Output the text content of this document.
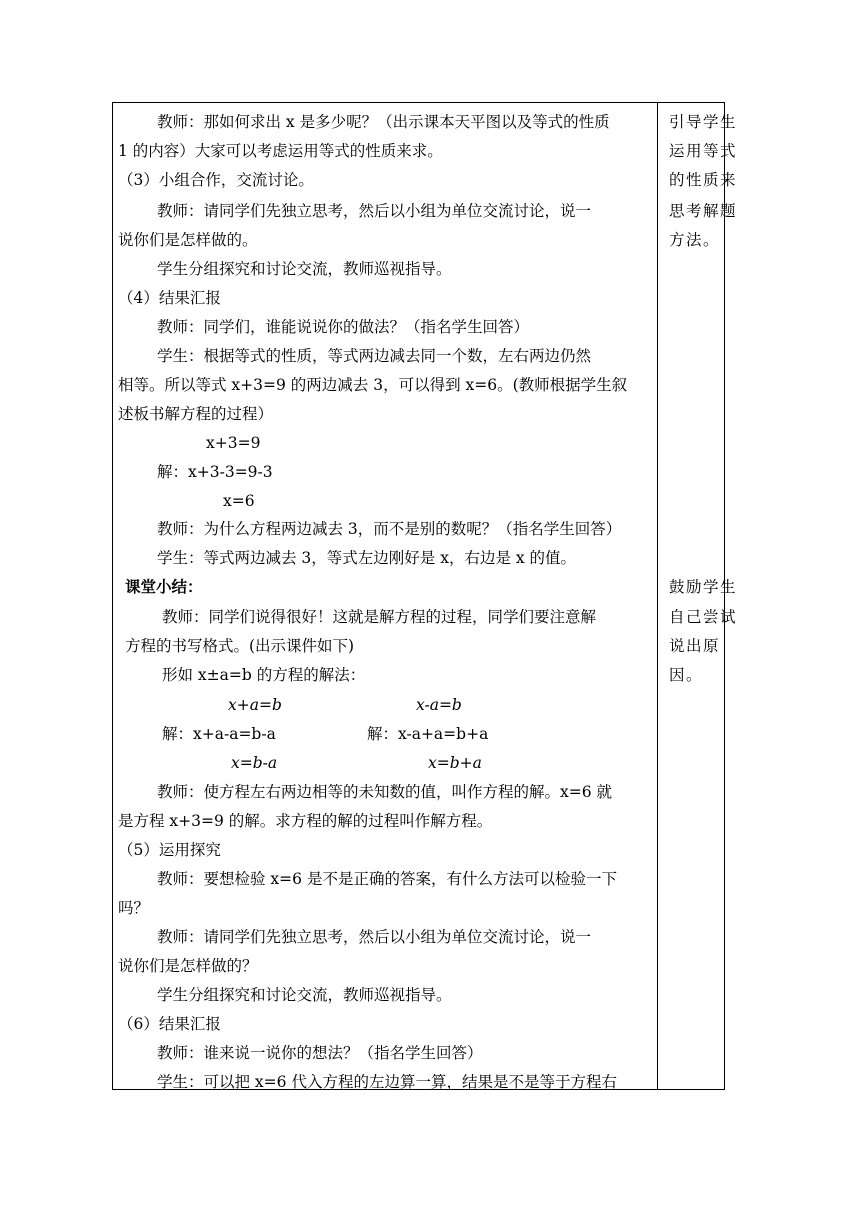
教师：那如何求出 x 是多少呢？（出示课本天平图以及等式的性质
1 的内容）大家可以考虑运用等式的性质来求。
（3）小组合作，交流讨论。
教师：请同学们先独立思考，然后以小组为单位交流讨论，说一
说你们是怎样做的。
学生分组探究和讨论交流，教师巡视指导。
（4）结果汇报
教师：同学们，谁能说说你的做法？（指名学生回答）
学生：根据等式的性质，等式两边减去同一个数，左右两边仍然
相等。所以等式 x+3=9 的两边减去 3，可以得到 x=6。(教师根据学生叙
述板书解方程的过程）
x+3=9
解：x+3-3=9-3
x=6
教师：为什么方程两边减去 3，而不是别的数呢？（指名学生回答）
学生：等式两边减去 3，等式左边刚好是 x，右边是 x 的值。
课堂小结：
教师：同学们说得很好！这就是解方程的过程，同学们要注意解
方程的书写格式。(出示课件如下)
形如 x±a=b 的方程的解法：
x+a=b	x-a=b
解：x+a-a=b-a	解：x-a+a=b+a
x=b-a	x=b+a
教师：使方程左右两边相等的未知数的值，叫作方程的解。x=6 就
是方程 x+3=9 的解。求方程的解的过程叫作解方程。
（5）运用探究
教师：要想检验 x=6 是不是正确的答案，有什么方法可以检验一下
吗？
教师：请同学们先独立思考，然后以小组为单位交流讨论，说一
说你们是怎样做的？
学生分组探究和讨论交流，教师巡视指导。
（6）结果汇报
教师：谁来说一说你的想法？（指名学生回答）
学生：可以把 x=6 代入方程的左边算一算，结果是不是等于方程右
引导学生
运用等式
的性质来
思考解题
方法。
鼓励学生
自己尝试
说出原
因。
